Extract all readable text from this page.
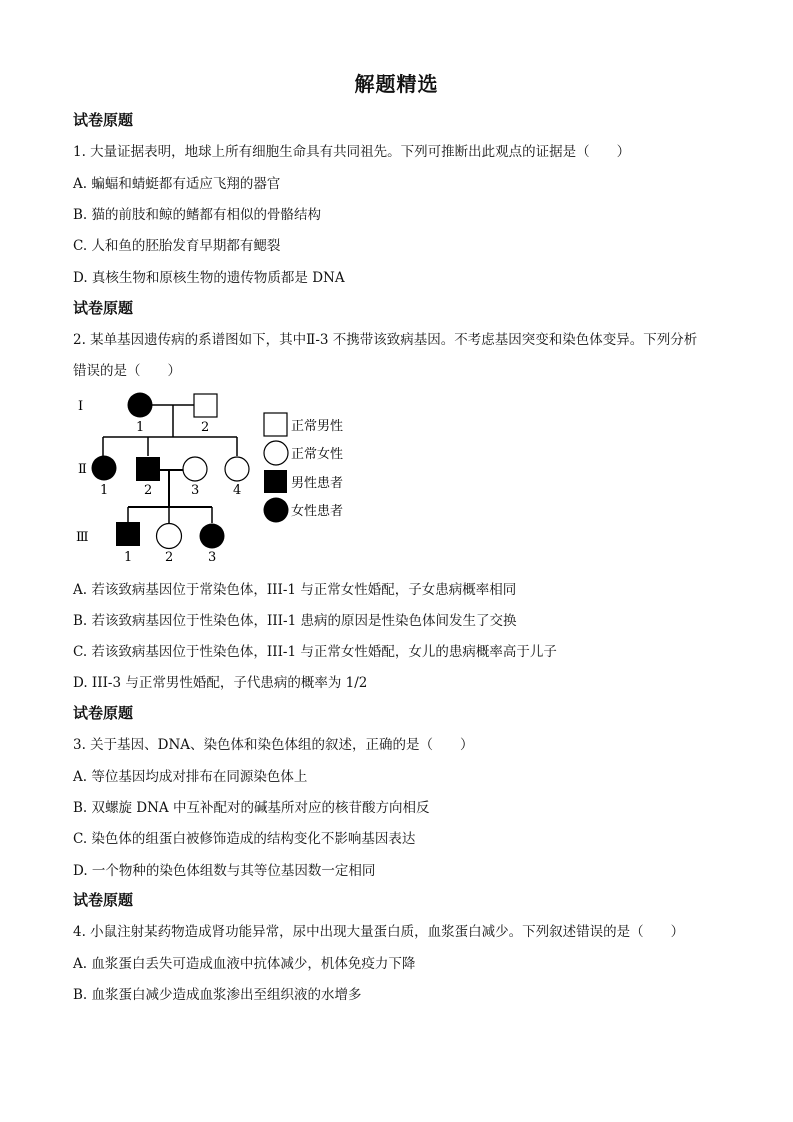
解题精选
试卷原题
1. 大量证据表明，地球上所有细胞生命具有共同祖先。下列可推断出此观点的证据是（　　）
A. 蝙蝠和蜻蜓都有适应飞翔的器官
B. 猫的前肢和鲸的鳍都有相似的骨骼结构
C. 人和鱼的胚胎发育早期都有鳃裂
D. 真核生物和原核生物的遗传物质都是 DNA
试卷原题
2. 某单基因遗传病的系谱图如下，其中Ⅱ-3 不携带该致病基因。不考虑基因突变和染色体变异。下列分析
错误的是（　　）
Ⅰ
Ⅱ
Ⅲ
1	2
1	2	3	4
1	2	3
正常男性
正常女性
男性患者
女性患者
A. 若该致病基因位于常染色体，III-1 与正常女性婚配，子女患病概率相同
B. 若该致病基因位于性染色体，III-1 患病的原因是性染色体间发生了交换
C. 若该致病基因位于性染色体，III-1 与正常女性婚配，女儿的患病概率高于儿子
D. III-3 与正常男性婚配，子代患病的概率为 1/2
试卷原题
3. 关于基因、DNA、染色体和染色体组的叙述，正确的是（　　）
A. 等位基因均成对排布在同源染色体上
B. 双螺旋 DNA 中互补配对的碱基所对应的核苷酸方向相反
C. 染色体的组蛋白被修饰造成的结构变化不影响基因表达
D. 一个物种的染色体组数与其等位基因数一定相同
试卷原题
4. 小鼠注射某药物造成肾功能异常，尿中出现大量蛋白质，血浆蛋白减少。下列叙述错误的是（　　）
A. 血浆蛋白丢失可造成血液中抗体减少，机体免疫力下降
B. 血浆蛋白减少造成血浆渗出至组织液的水增多
